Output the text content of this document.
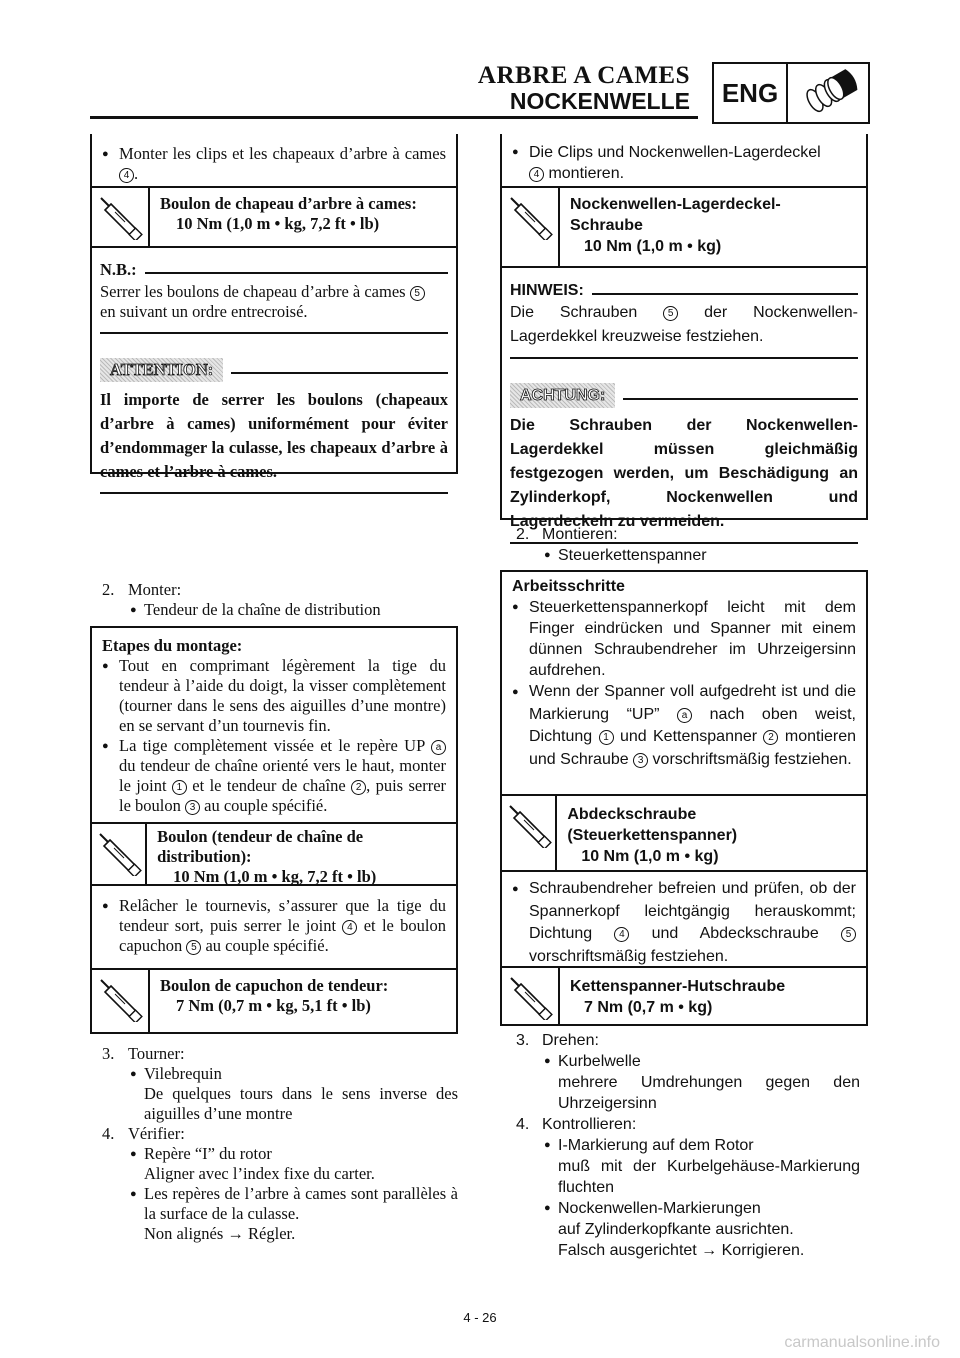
ARBRE A CAMES
NOCKENWELLE	ENG
● Monter les clips et les chapeaux d’arbre à cames 4 .
Boulon de chapeau d’arbre à cames:
10 Nm (1,0 m • kg, 7,2 ft • lb)
N.B.:
Serrer les boulons de chapeau d’arbre à cames 5
en suivant un ordre entrecroisé.
ATTENTION:
Il importe de serrer les boulons (chapeaux d’arbre à cames) uniformément pour éviter d’endommager la culasse, les chapeaux d’arbre à cames et l’arbre à cames.
2. Monter:
● Tendeur de la chaîne de distribution
Etapes du montage:
● Tout en comprimant légèrement la tige du tendeur à l’aide du doigt, la visser complètement (tourner dans le sens des aiguilles d’une montre) en se servant d’un tournevis fin.
● La tige complètement vissée et le repère UP a du tendeur de chaîne orienté vers le haut, monter le joint 1 et le tendeur de chaîne 2 , puis serrer le boulon 3 au couple spécifié.
Boulon (tendeur de chaîne de distribution):
10 Nm (1,0 m • kg, 7,2 ft • lb)
● Relâcher le tournevis, s’assurer que la tige du tendeur sort, puis serrer le joint 4 et le boulon capuchon 5 au couple spécifié.
Boulon de capuchon de tendeur:
7 Nm (0,7 m • kg, 5,1 ft • lb)
3. Tourner:
● Vilebrequin
De quelques tours dans le sens inverse des aiguilles d’une montre
4. Vérifier:
● Repère “I” du rotor
Aligner avec l’index fixe du carter.
● Les repères de l’arbre à cames sont parallèles à la surface de la culasse.
Non alignés → Régler.
● Die Clips und Nockenwellen-Lagerdeckel
4 montieren.
Nockenwellen-Lagerdeckel-Schraube
10 Nm (1,0 m • kg)
HINWEIS:
Die Schrauben	5 der Nockenwellen-Lagerdekkel kreuzweise festziehen.
ACHTUNG:
Die Schrauben der Nockenwellen-Lagerdekkel müssen gleichmäßig festgezogen werden, um Beschädigung an Zylinderkopf, Nockenwellen und Lagerdeckeln zu vermeiden.
2. Montieren:
● Steuerkettenspanner
Arbeitsschritte
● Steuerkettenspannerkopf leicht mit dem Finger eindrücken und Spanner mit einem dünnen Schraubendreher im Uhrzeigersinn aufdrehen.
● Wenn der Spanner voll aufgedreht ist und die Markierung “UP” a nach oben weist, Dichtung 1 und Kettenspanner 2 montieren und Schraube 3 vorschriftsmäßig festziehen.
Abdeckschraube (Steuerkettenspanner)
10 Nm (1,0 m • kg)
● Schraubendreher befreien und prüfen, ob der Spannerkopf leichtgängig herauskommt; Dichtung	4 und Abdeckschraube	5 vorschriftsmäßig festziehen.
Kettenspanner-Hutschraube
7 Nm (0,7 m • kg)
3. Drehen:
● Kurbelwelle
mehrere Umdrehungen gegen den Uhrzeigersinn
4. Kontrollieren:
● I-Markierung auf dem Rotor
muß mit der Kurbelgehäuse-Markierung fluchten
● Nockenwellen-Markierungen
auf Zylinderkopfkante ausrichten.
Falsch ausgerichtet → Korrigieren.
4 - 26
carmanualsonline.info
